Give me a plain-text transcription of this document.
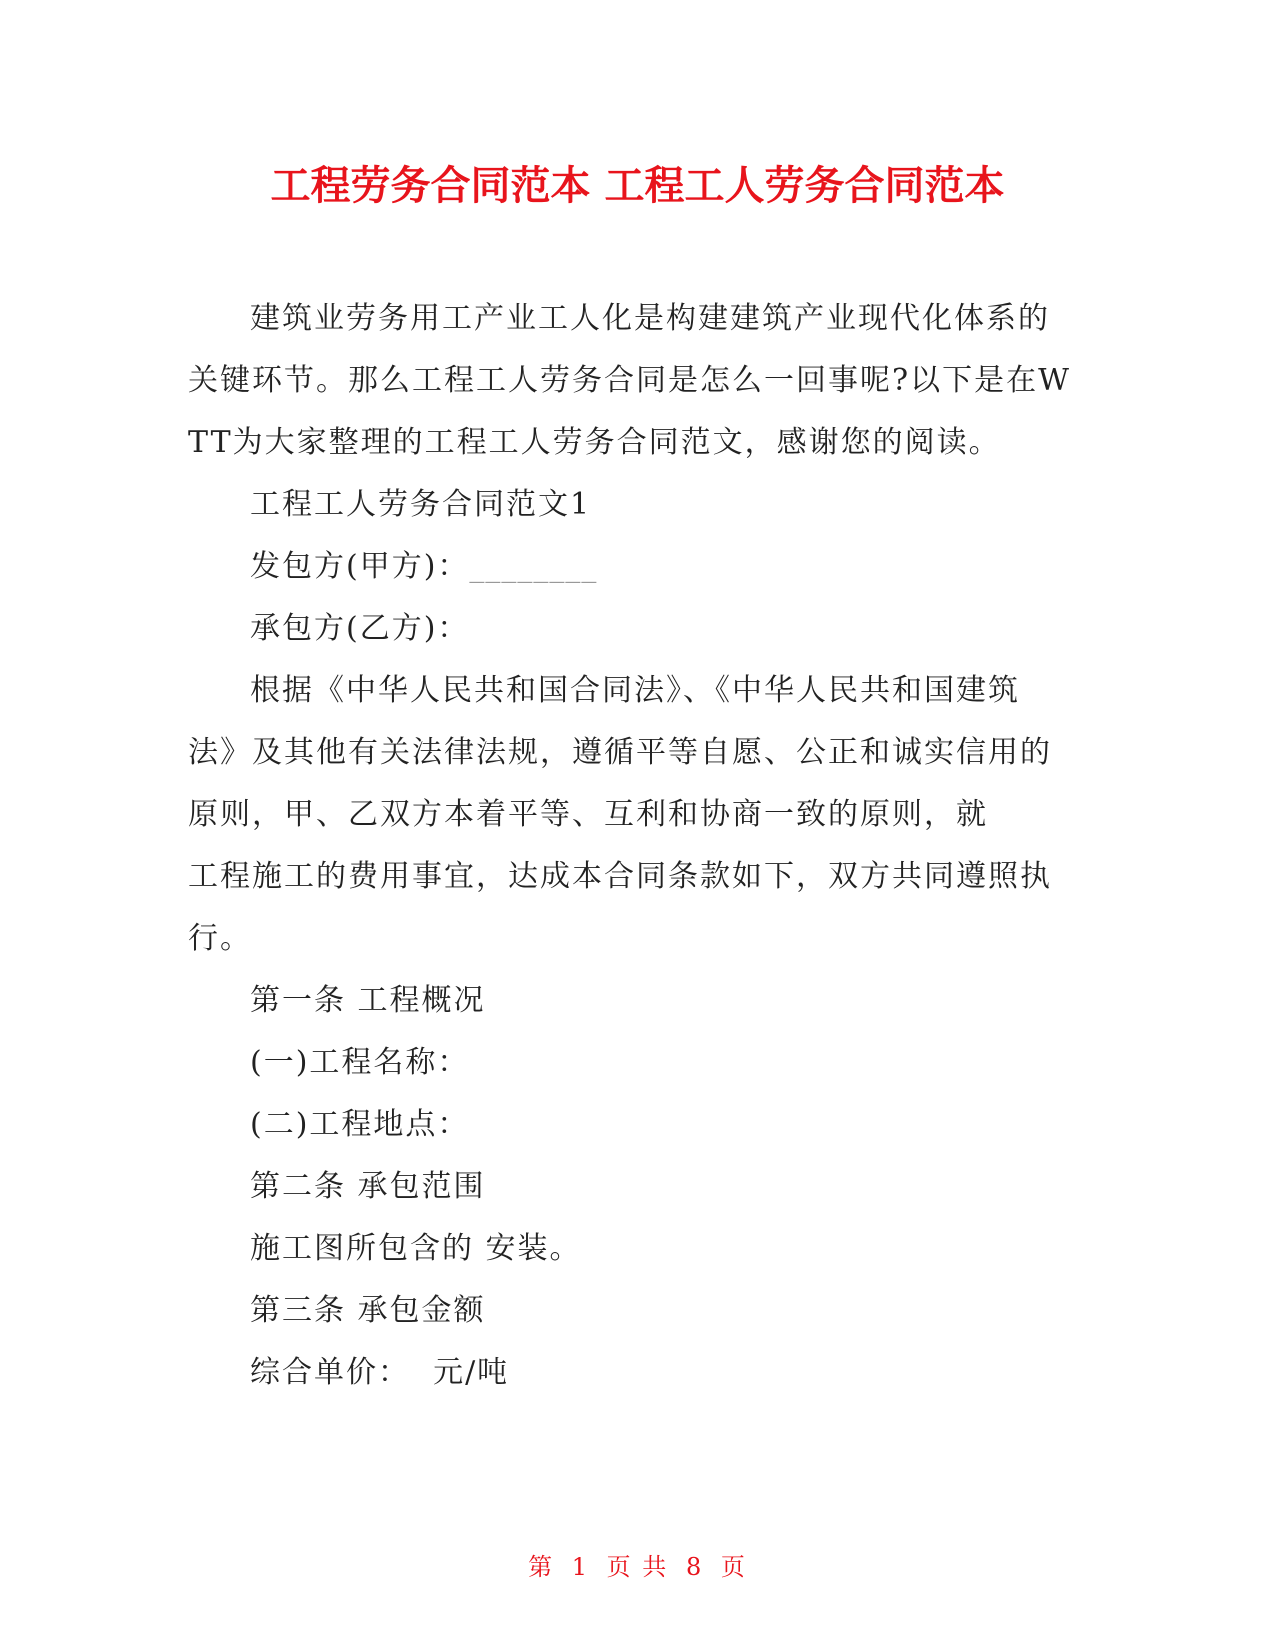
工程劳务合同范本 工程工人劳务合同范本

建筑业劳务用工产业工人化是构建建筑产业现代化体系的

关键环节。那么工程工人劳务合同是怎么一回事呢?以下是在W

TT为大家整理的工程工人劳务合同范文，感谢您的阅读。

工程工人劳务合同范文1

发包方(甲方)：________

承包方(乙方)：

根据《中华人民共和国合同法》、《中华人民共和国建筑

法》及其他有关法律法规，遵循平等自愿、公正和诚实信用的

原则，甲、乙双方本着平等、互利和协商一致的原则，就

工程施工的费用事宜，达成本合同条款如下，双方共同遵照执

行。

第一条 工程概况

(一)工程名称：

(二)工程地点：

第二条 承包范围

施工图所包含的 安装。

第三条 承包金额

综合单价：  元/吨

第 1 页 共 8 页
